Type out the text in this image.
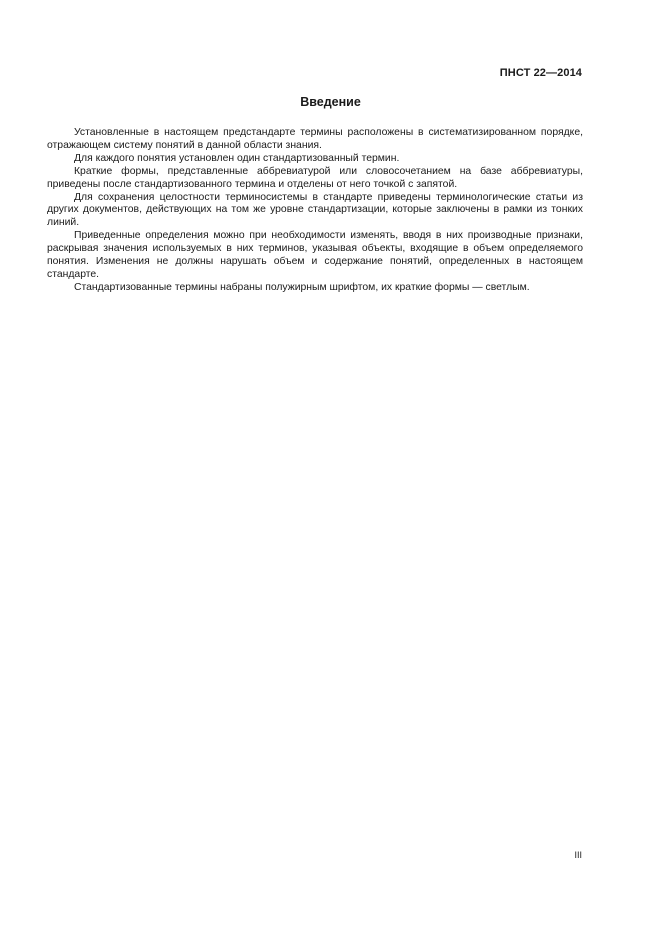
ПНСТ 22—2014
Введение

Установленные в настоящем предстандарте термины расположены в систематизированном порядке, отражающем систему понятий в данной области знания.

Для каждого понятия установлен один стандартизованный термин.

Краткие формы, представленные аббревиатурой или словосочетанием на базе аббревиатуры, приведены после стандартизованного термина и отделены от него точкой с запятой.

Для сохранения целостности терминосистемы в стандарте приведены терминологические статьи из других документов, действующих на том же уровне стандартизации, которые заключены в рамки из тонких линий.

Приведенные определения можно при необходимости изменять, вводя в них производные признаки, раскрывая значения используемых в них терминов, указывая объекты, входящие в объем определяемого понятия. Изменения не должны нарушать объем и содержание понятий, определенных в настоящем стандарте.

Стандартизованные термины набраны полужирным шрифтом, их краткие формы — светлым.

III
